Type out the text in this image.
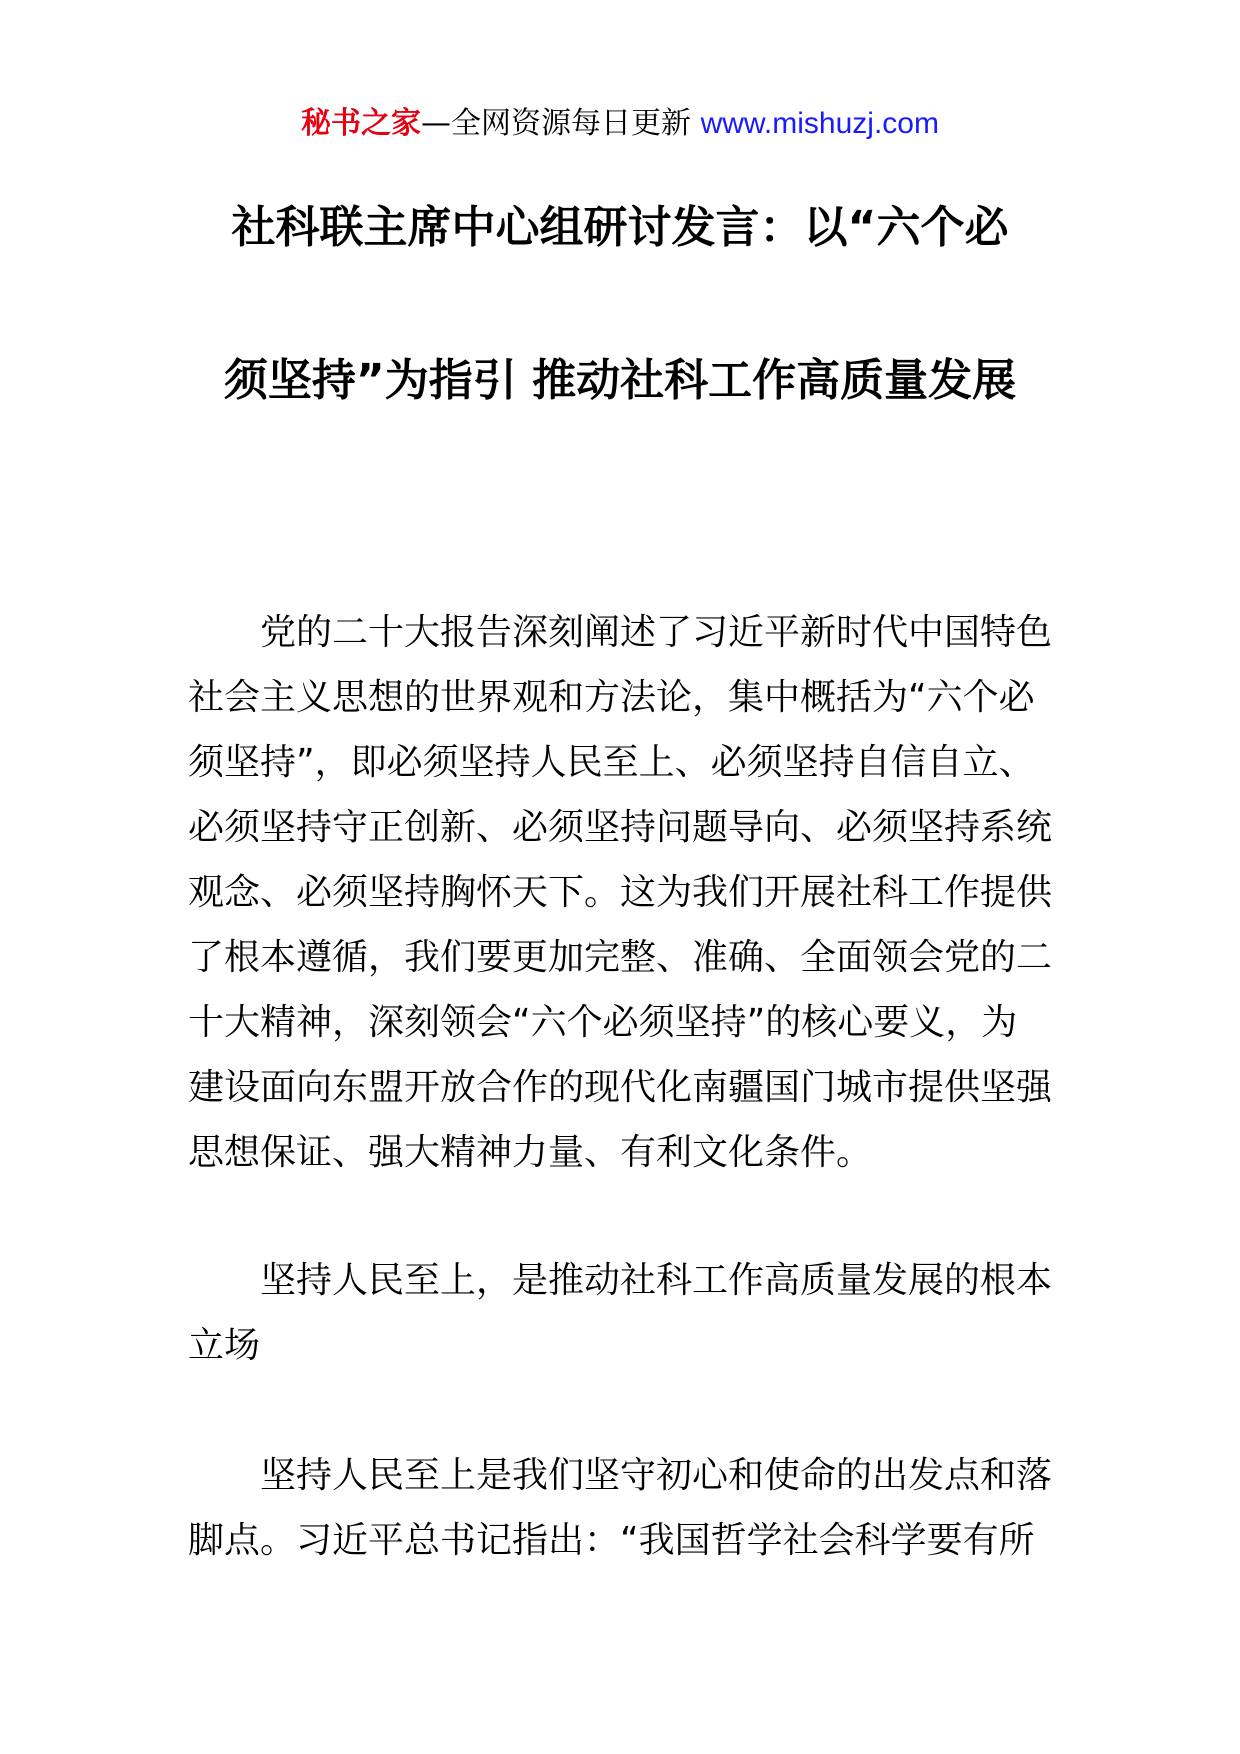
秘书之家—全网资源每日更新 www.mishuzj.com
社科联主席中心组研讨发言：以“六个必
须坚持”为指引 推动社科工作高质量发展
党的二十大报告深刻阐述了习近平新时代中国特色
社会主义思想的世界观和方法论，集中概括为“六个必
须坚持”，即必须坚持人民至上、必须坚持自信自立、
必须坚持守正创新、必须坚持问题导向、必须坚持系统
观念、必须坚持胸怀天下。这为我们开展社科工作提供
了根本遵循，我们要更加完整、准确、全面领会党的二
十大精神，深刻领会“六个必须坚持”的核心要义，为
建设面向东盟开放合作的现代化南疆国门城市提供坚强
思想保证、强大精神力量、有利文化条件。
坚持人民至上，是推动社科工作高质量发展的根本
立场
坚持人民至上是我们坚守初心和使命的出发点和落
脚点。习近平总书记指出：“我国哲学社会科学要有所
